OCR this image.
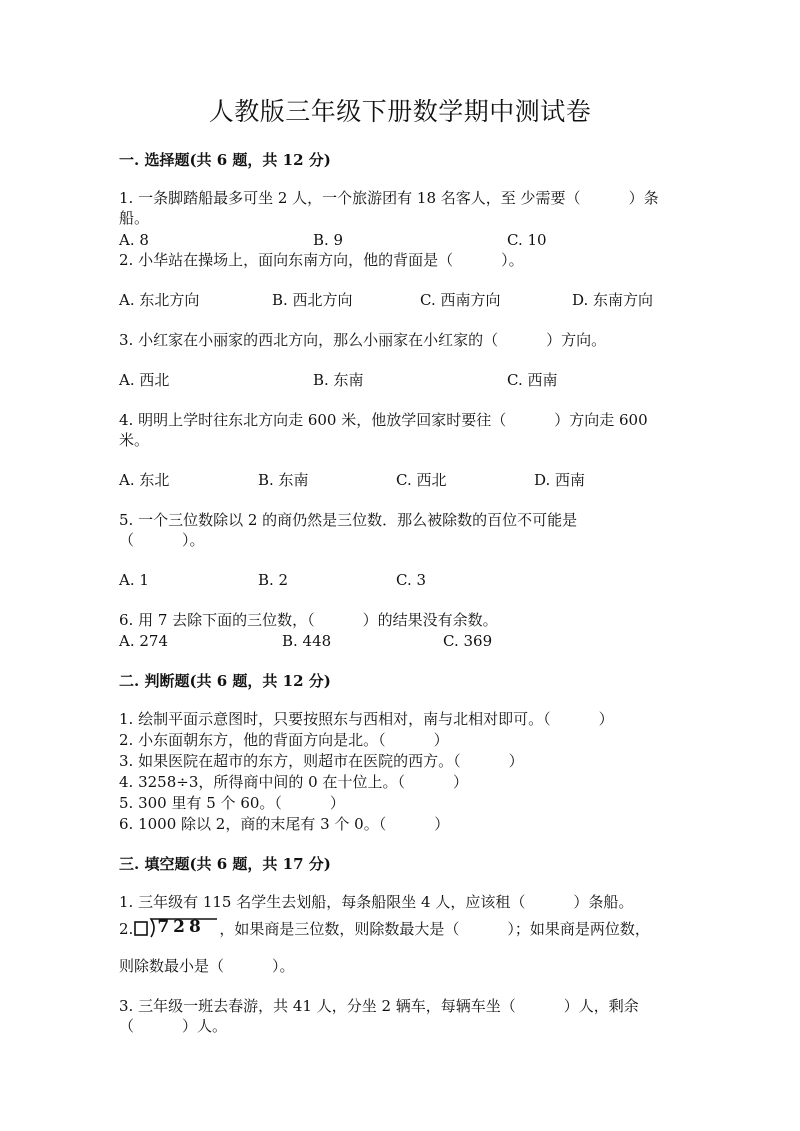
人教版三年级下册数学期中测试卷
一. 选择题(共 6 题，共 12 分)
1. 一条脚踏船最多可坐 2 人，一个旅游团有 18 名客人，至 少需要（	）条
船。
A. 8	B. 9	C. 10
2. 小华站在操场上，面向东南方向，他的背面是（	）。
A. 东北方向	B. 西北方向	C. 西南方向	D. 东南方向
3. 小红家在小丽家的西北方向，那么小丽家在小红家的（	）方向。
A. 西北	B. 东南	C. 西南
4. 明明上学时往东北方向走 600 米，他放学回家时要往（	）方向走 600
米。
A. 东北	B. 东南	C. 西北	D. 西南
5. 一个三位数除以 2 的商仍然是三位数．那么被除数的百位不可能是
（	）。
A. 1	B. 2	C. 3
6. 用 7 去除下面的三位数，（	）的结果没有余数。
A. 274	B. 448	C. 369
二. 判断题(共 6 题，共 12 分)
1. 绘制平面示意图时，只要按照东与西相对，南与北相对即可。（	）
2. 小东面朝东方，他的背面方向是北。（	）
3. 如果医院在超市的东方，则超市在医院的西方。（	）
4. 3258÷3，所得商中间的 0 在十位上。（	）
5. 300 里有 5 个 60。（	）
6. 1000 除以 2，商的末尾有 3 个 0。（	）
三. 填空题(共 6 题，共 17 分)
1. 三年级有 115 名学生去划船，每条船限坐 4 人，应该租（	）条船。
2. 728 ，如果商是三位数，则除数最大是（	）；如果商是两位数，
则除数最小是（	）。
3. 三年级一班去春游，共 41 人，分坐 2 辆车，每辆车坐（	）人，剩余
（	）人。
